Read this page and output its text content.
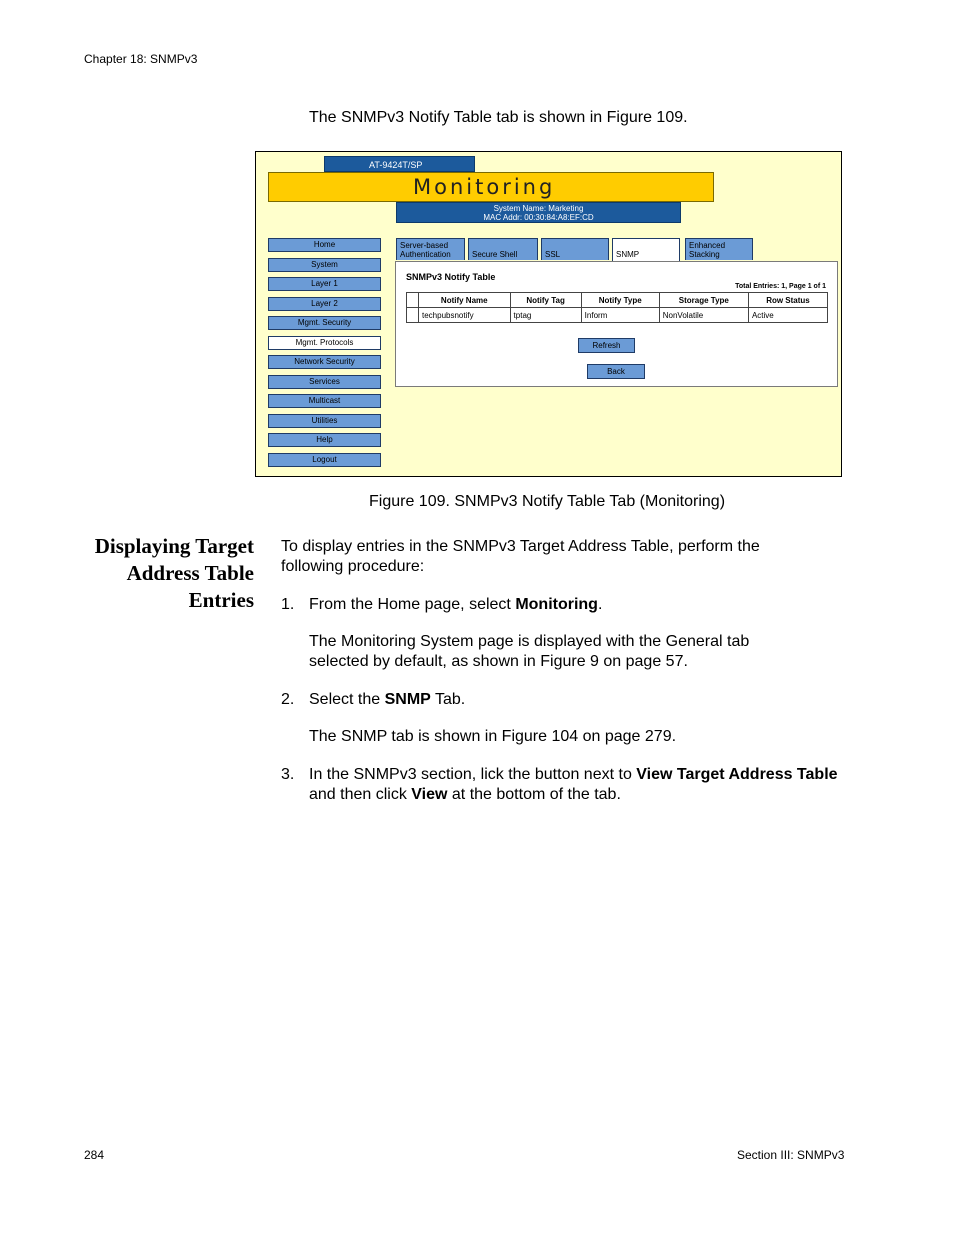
Chapter 18: SNMPv3
The SNMPv3 Notify Table tab is shown in Figure 109.
AT-9424T/SP
Monitoring
System Name: Marketing
MAC Addr: 00:30:84:A8:EF:CD
Home
System
Layer 1
Layer 2
Mgmt. Security
Mgmt. Protocols
Network Security
Services
Multicast
Utilities
Help
Logout
Server-based
Authentication	Secure Shell	SSL	SNMP
Enhanced
Stacking
SNMPv3 Notify Table
Total Entries: 1, Page 1 of 1
	Notify Name	Notify Tag	Notify Type	Storage Type	Row Status
	techpubsnotify	tptag	Inform	NonVolatile	Active
Refresh
Back
Figure 109. SNMPv3 Notify Table Tab (Monitoring)
Displaying Target
Address Table
Entries
To display entries in the SNMPv3 Target Address Table, perform the following procedure:
1. From the Home page, select Monitoring.
The Monitoring System page is displayed with the General tab selected by default, as shown in Figure 9 on page 57.
2. Select the SNMP Tab.
The SNMP tab is shown in Figure 104 on page 279.
3. In the SNMPv3 section, lick the button next to View Target Address Table and then click View at the bottom of the tab.
284	Section III: SNMPv3
